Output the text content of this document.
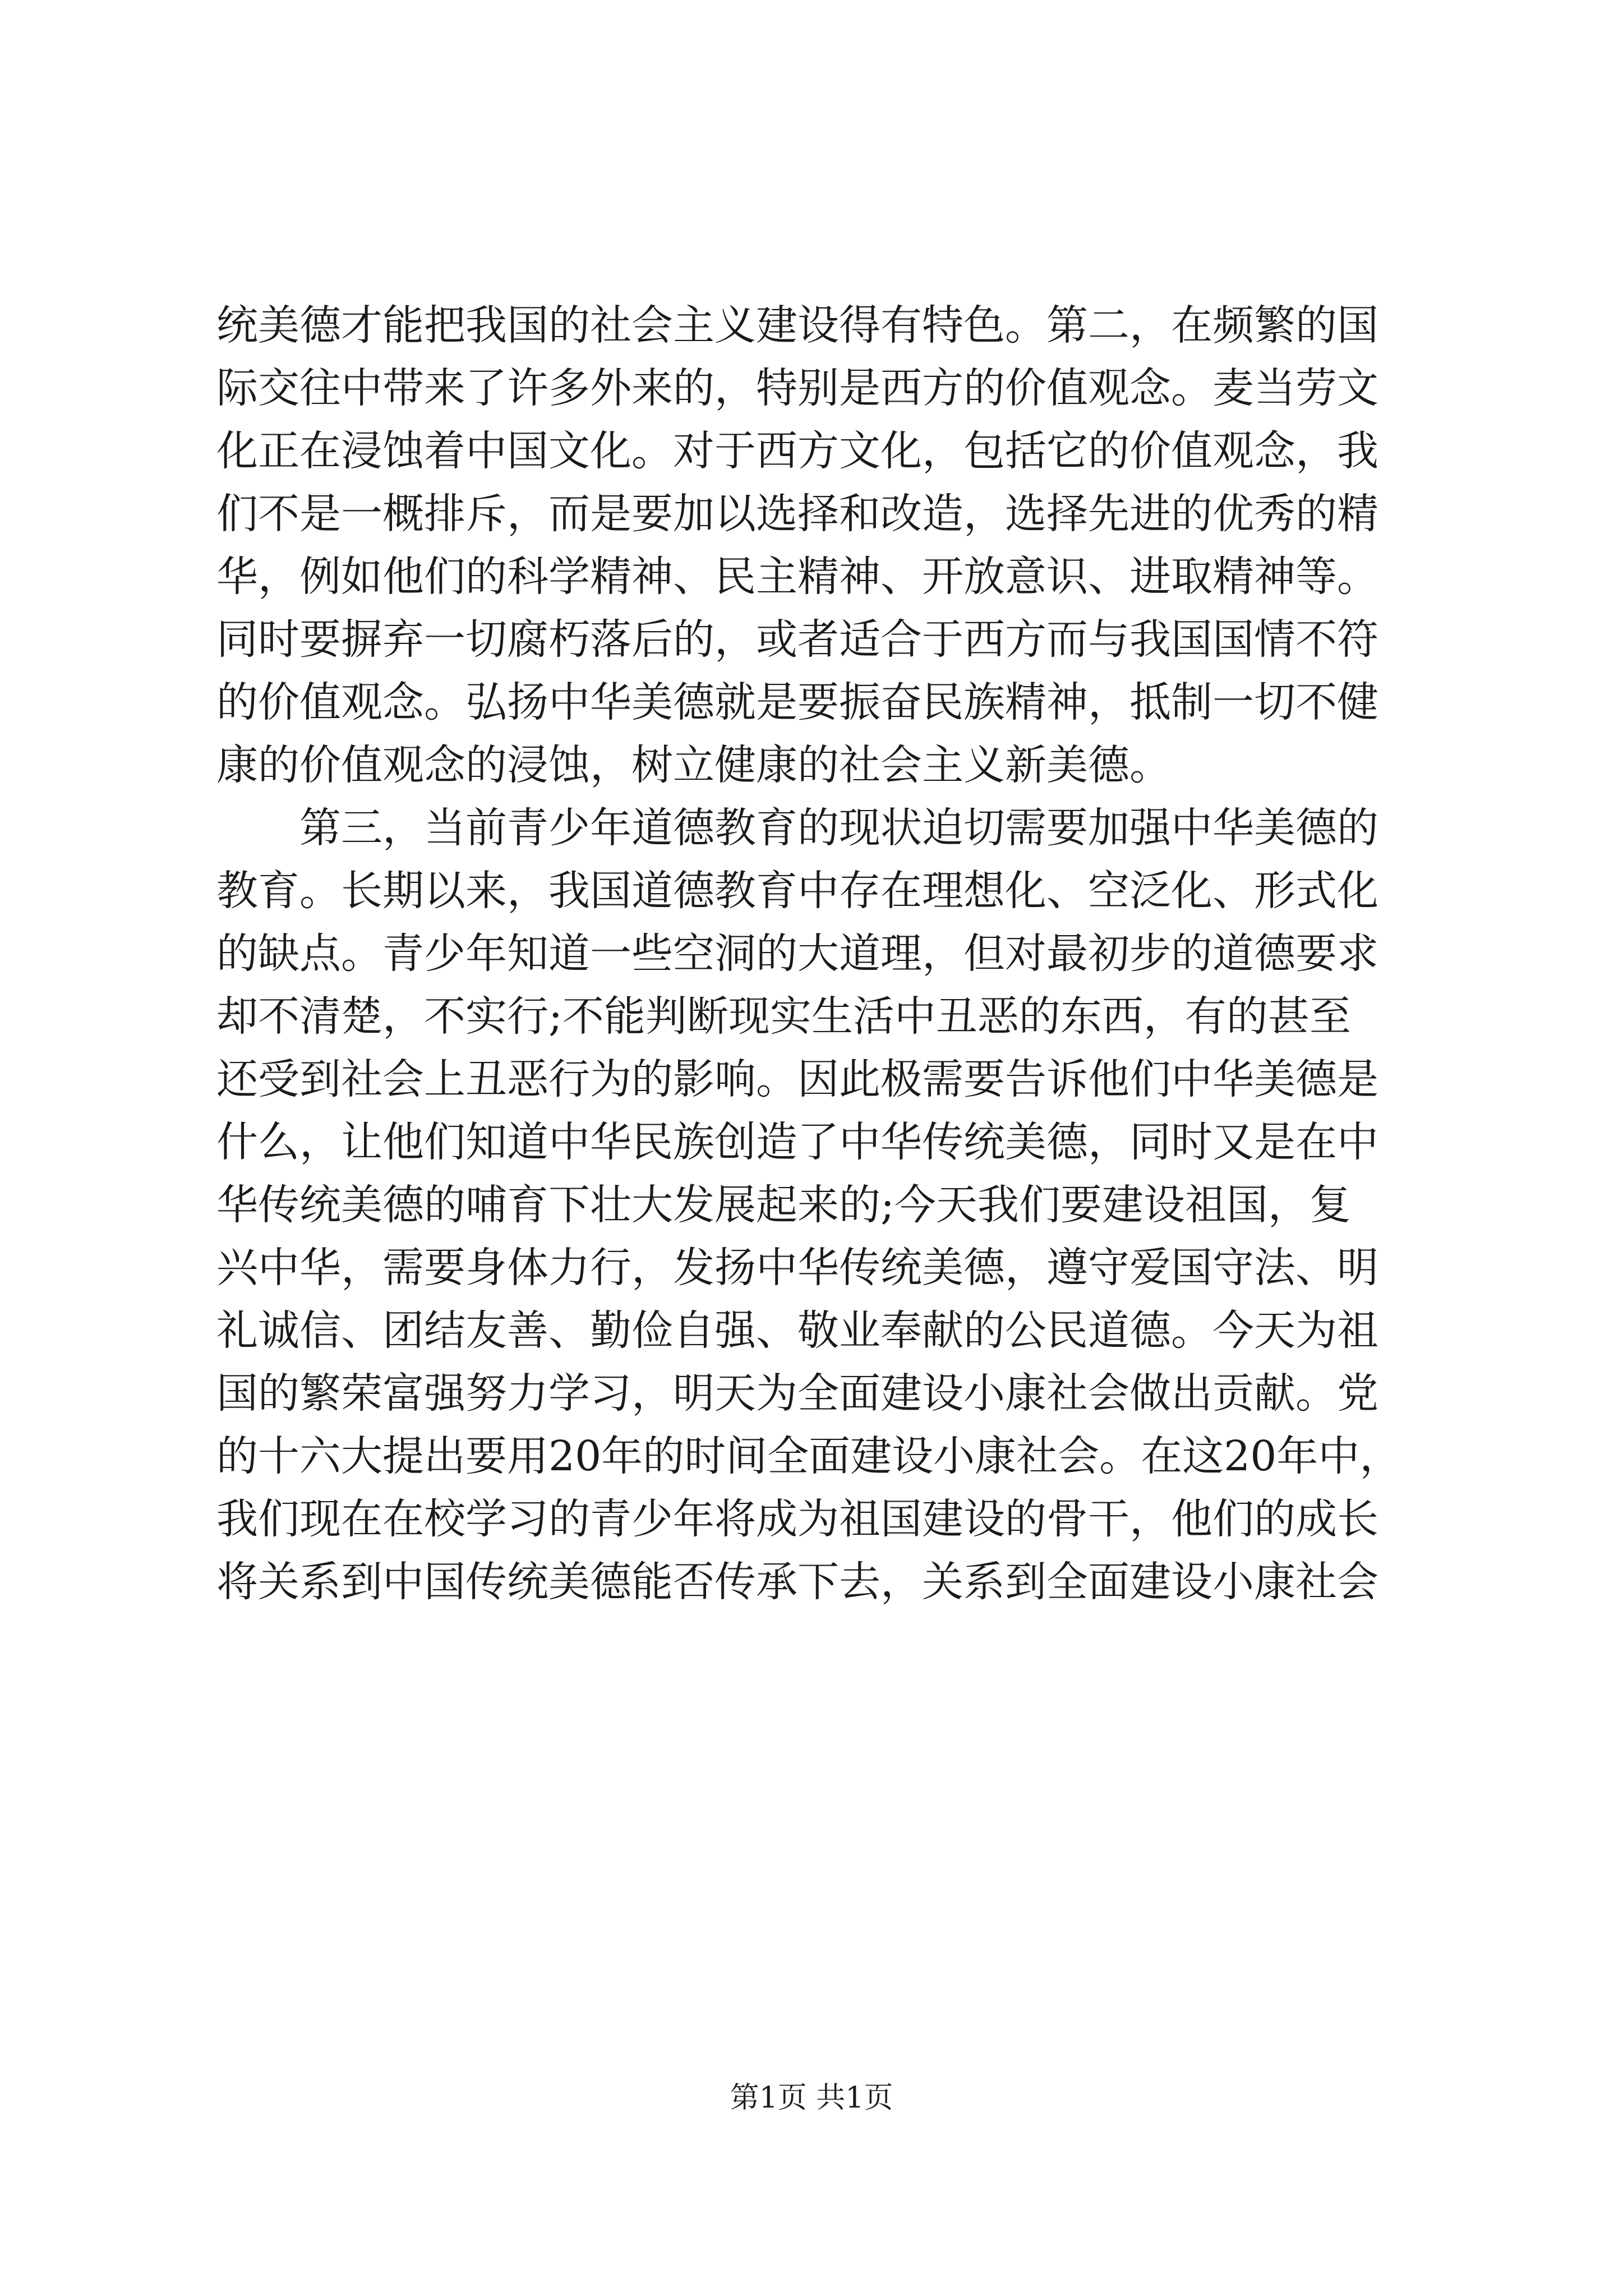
统美德才能把我国的社会主义建设得有特色。第二，在频繁的国
际交往中带来了许多外来的，特别是西方的价值观念。麦当劳文
化正在浸蚀着中国文化。对于西方文化，包括它的价值观念，我
们不是一概排斥，而是要加以选择和改造，选择先进的优秀的精
华，例如他们的科学精神、民主精神、开放意识、进取精神等。
同时要摒弃一切腐朽落后的，或者适合于西方而与我国国情不符
的价值观念。弘扬中华美德就是要振奋民族精神，抵制一切不健
康的价值观念的浸蚀，树立健康的社会主义新美德。
第三，当前青少年道德教育的现状迫切需要加强中华美德的
教育。长期以来，我国道德教育中存在理想化、空泛化、形式化
的缺点。青少年知道一些空洞的大道理，但对最初步的道德要求
却不清楚，不实行;不能判断现实生活中丑恶的东西，有的甚至
还受到社会上丑恶行为的影响。因此极需要告诉他们中华美德是
什么，让他们知道中华民族创造了中华传统美德，同时又是在中
华传统美德的哺育下壮大发展起来的;今天我们要建设祖国，复
兴中华，需要身体力行，发扬中华传统美德，遵守爱国守法、明
礼诚信、团结友善、勤俭自强、敬业奉献的公民道德。今天为祖
国的繁荣富强努力学习，明天为全面建设小康社会做出贡献。党
的十六大提出要用20年的时间全面建设小康社会。在这20年中，
我们现在在校学习的青少年将成为祖国建设的骨干，他们的成长
将关系到中国传统美德能否传承下去，关系到全面建设小康社会
第1页 共1页
